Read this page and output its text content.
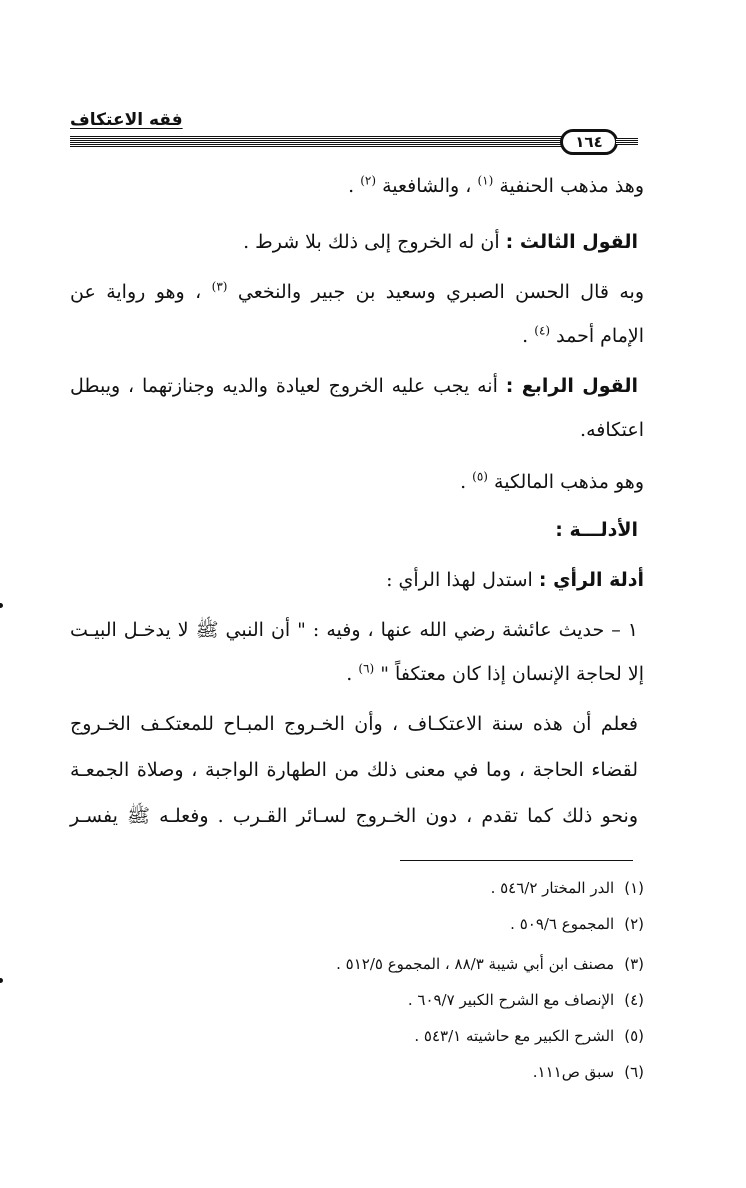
فقه الاعتكاف
١٦٤
وهذ مذهب الحنفية $^{(١)}$ ، والشافعية $^{(٢)}$ .
القول الثالث : أن له الخروج إلى ذلك بلا شرط .
وبه قال الحسن الصبري وسعيد بن جبير والنخعي $^{(٣)}$ ، وهو رواية عن
الإمام أحمد $^{(٤)}$ .
القول الرابع : أنه يجب عليه الخروج لعيادة والديه وجنازتهما ، ويبطل
اعتكافه.
وهو مذهب المالكية $^{(٥)}$ .
الأدلـــة :
أدلة الرأي : استدل لهذا الرأي :
١ – حديث عائشة رضي الله عنها ، وفيه : " أن النبي ﷺ لا يدخـل البيـت
إلا لحاجة الإنسان إذا كان معتكفاً " $^{(٦)}$ .
فعلم أن هذه سنة الاعتكـاف ، وأن الخـروج المبـاح للمعتكـف الخـروج
لقضاء الحاجة ، وما في معنى ذلك من الطهارة الواجبة ، وصلاة الجمعـة
ونحو ذلك كما تقدم ، دون الخـروج لسـائر القـرب . وفعلـه ﷺ يفسـر
(١)الدر المختار ٥٤٦/٢ .
(٢)المجموع ٥٠٩/٦ .
(٣)مصنف ابن أبي شيبة ٨٨/٣ ، المجموع ٥١٢/٥ .
(٤)الإنصاف مع الشرح الكبير ٦٠٩/٧ .
(٥)الشرح الكبير مع حاشيته ٥٤٣/١ .
(٦)سبق ص١١١.
